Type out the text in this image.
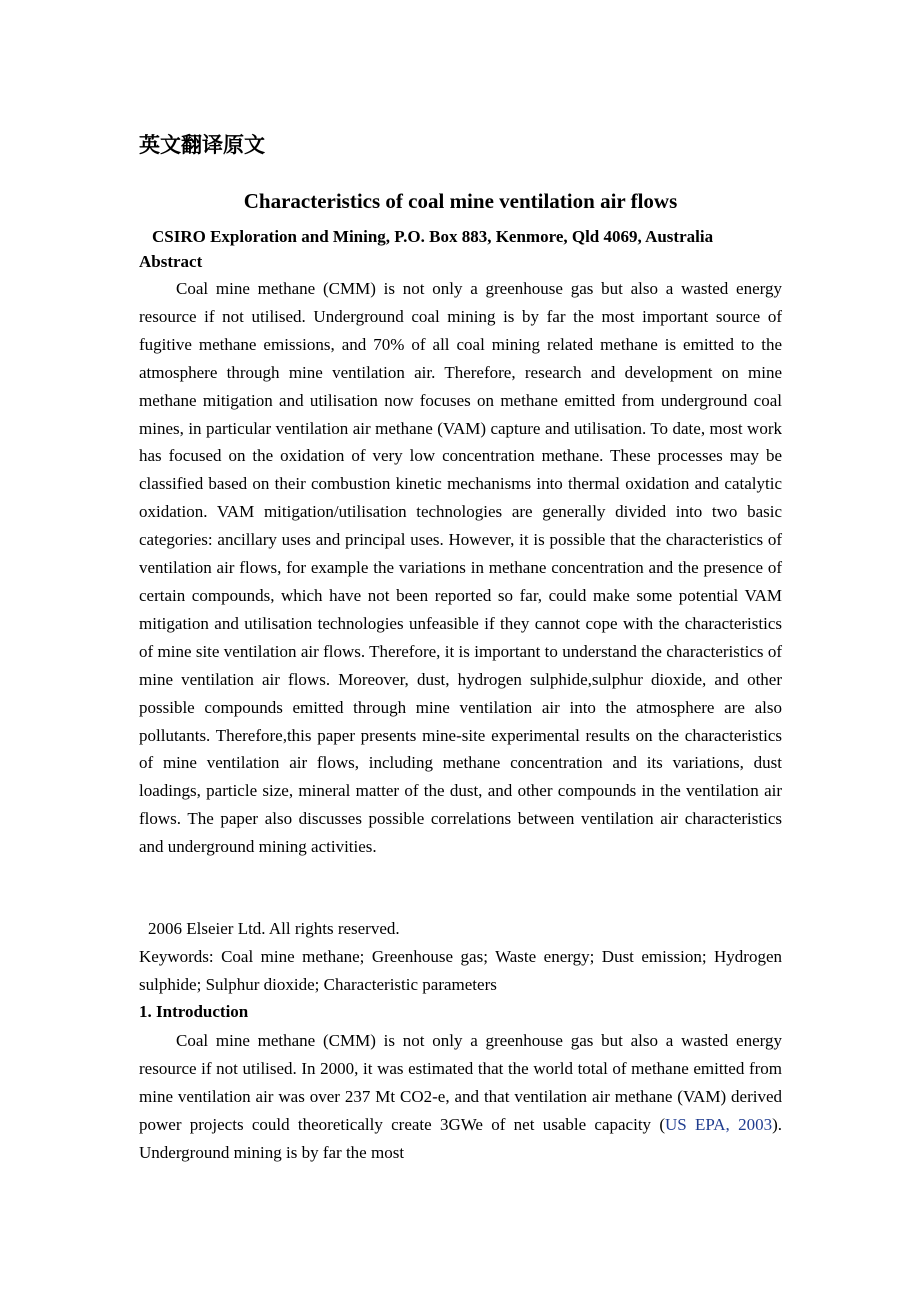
英文翻译原文
Characteristics of coal mine ventilation air flows
CSIRO Exploration and Mining, P.O. Box 883, Kenmore, Qld 4069, Australia
Abstract

Coal mine methane (CMM) is not only a greenhouse gas but also a wasted energy resource if not utilised. Underground coal mining is by far the most important source of fugitive methane emissions, and 70% of all coal mining related methane is emitted to the atmosphere through mine ventilation air. Therefore, research and development on mine methane mitigation and utilisation now focuses on methane emitted from underground coal mines, in particular ventilation air methane (VAM) capture and utilisation. To date, most work has focused on the oxidation of very low concentration methane. These processes may be classified based on their combustion kinetic mechanisms into thermal oxidation and catalytic oxidation. VAM mitigation/utilisation technologies are generally divided into two basic categories: ancillary uses and principal uses. However, it is possible that the characteristics of ventilation air flows, for example the variations in methane concentration and the presence of certain compounds, which have not been reported so far, could make some potential VAM mitigation and utilisation technologies unfeasible if they cannot cope with the characteristics of mine site ventilation air flows. Therefore, it is important to understand the characteristics of mine ventilation air flows. Moreover, dust, hydrogen sulphide,sulphur dioxide, and other possible compounds emitted through mine ventilation air into the atmosphere are also pollutants. Therefore,this paper presents mine-site experimental results on the characteristics of mine ventilation air flows, including methane concentration and its variations, dust loadings, particle size, mineral matter of the dust, and other compounds in the ventilation air flows. The paper also discusses possible correlations between ventilation air characteristics and underground mining activities.

2006 Elseier Ltd. All rights reserved.

Keywords: Coal mine methane; Greenhouse gas; Waste energy; Dust emission; Hydrogen sulphide; Sulphur dioxide; Characteristic parameters

1. Introduction

Coal mine methane (CMM) is not only a greenhouse gas but also a wasted energy resource if not utilised. In 2000, it was estimated that the world total of methane emitted from mine ventilation air was over 237 Mt CO2-e, and that ventilation air methane (VAM) derived power projects could theoretically create 3GWe of net usable capacity (US EPA, 2003). Underground mining is by far the most
